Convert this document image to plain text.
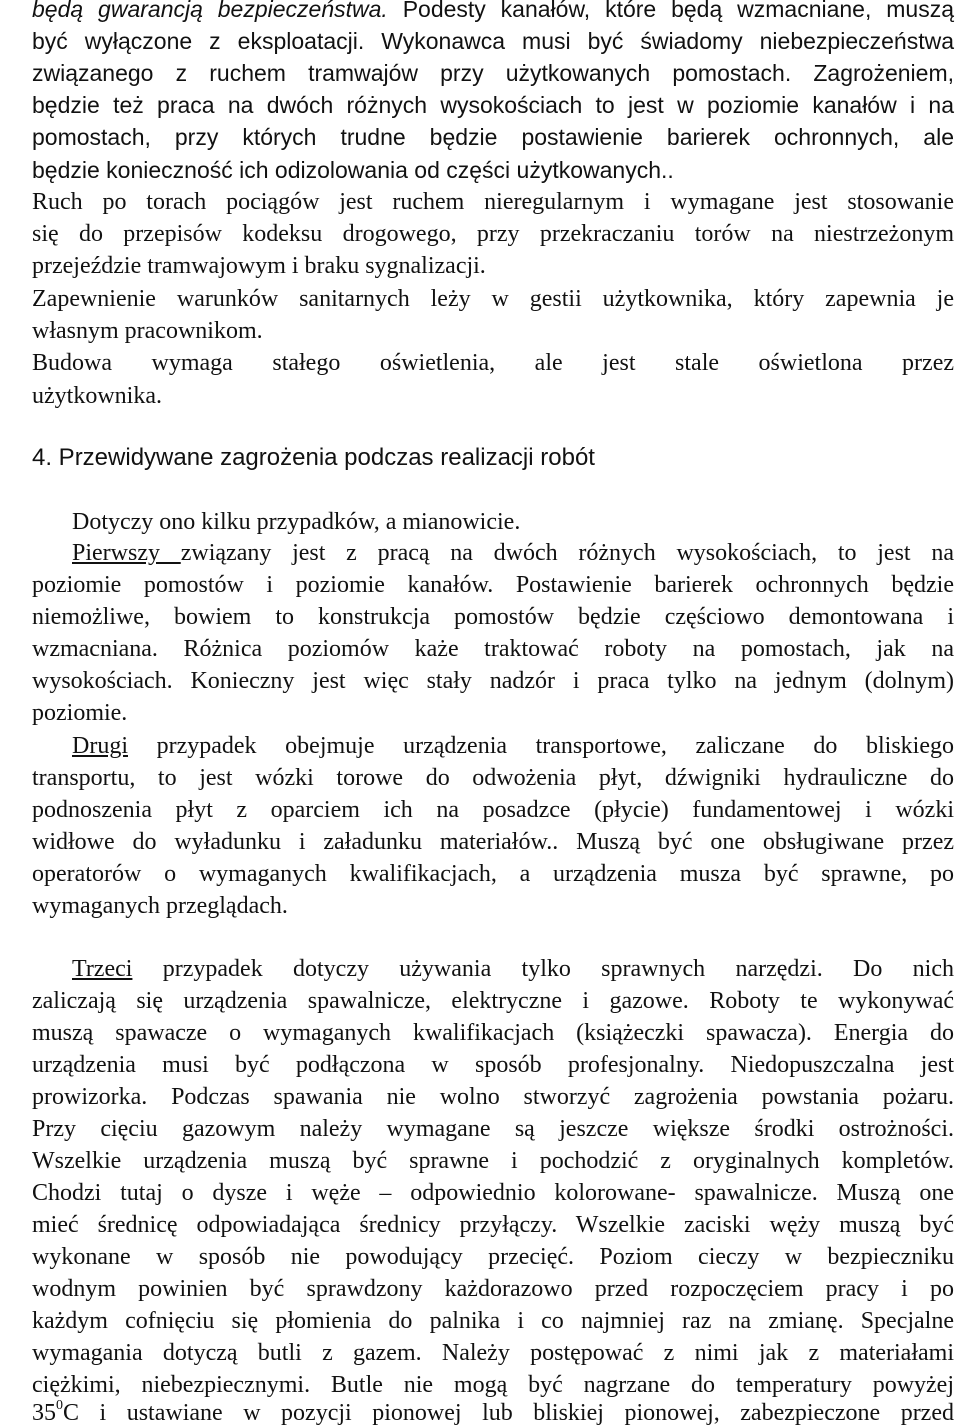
będą gwarancją bezpieczeństwa. Podesty kanałów, które będą wzmacniane, muszą
być wyłączone z eksploatacji. Wykonawca musi być świadomy niebezpieczeństwa
związanego z ruchem tramwajów przy użytkowanych pomostach. Zagrożeniem,
będzie też praca na dwóch różnych wysokościach to jest w poziomie kanałów i na
pomostach, przy których trudne będzie postawienie barierek ochronnych, ale
będzie konieczność ich odizolowania od części użytkowanych..
Ruch po torach pociągów jest ruchem nieregularnym i wymagane jest stosowanie
się do przepisów kodeksu drogowego, przy przekraczaniu torów na niestrzeżonym
przejeździe tramwajowym i braku sygnalizacji.
Zapewnienie warunków sanitarnych leży w gestii użytkownika, który zapewnia je
własnym pracownikom.
Budowa wymaga stałego oświetlenia, ale jest stale oświetlona przez
użytkownika.
4. Przewidywane zagrożenia podczas realizacji robót
Dotyczy ono kilku przypadków, a mianowicie.
Pierwszy związany jest z pracą na dwóch różnych wysokościach, to jest na
poziomie pomostów i poziomie kanałów. Postawienie barierek ochronnych będzie
niemożliwe, bowiem to konstrukcja pomostów będzie częściowo demontowana i
wzmacniana. Różnica poziomów każe traktować roboty na pomostach, jak na
wysokościach. Konieczny jest więc stały nadzór i praca tylko na jednym (dolnym)
poziomie.
Drugi przypadek obejmuje urządzenia transportowe, zaliczane do bliskiego
transportu, to jest wózki torowe do odwożenia płyt, dźwigniki hydrauliczne do
podnoszenia płyt z oparciem ich na posadzce (płycie) fundamentowej i wózki
widłowe do wyładunku i załadunku materiałów.. Muszą być one obsługiwane przez
operatorów o wymaganych kwalifikacjach, a urządzenia musza być sprawne, po
wymaganych przeglądach.
Trzeci przypadek dotyczy używania tylko sprawnych narzędzi. Do nich
zaliczają się urządzenia spawalnicze, elektryczne i gazowe. Roboty te wykonywać
muszą spawacze o wymaganych kwalifikacjach (książeczki spawacza). Energia do
urządzenia musi być podłączona w sposób profesjonalny. Niedopuszczalna jest
prowizorka. Podczas spawania nie wolno stworzyć zagrożenia powstania pożaru.
Przy cięciu gazowym należy wymagane są jeszcze większe środki ostrożności.
Wszelkie urządzenia muszą być sprawne i pochodzić z oryginalnych kompletów.
Chodzi tutaj o dysze i węże – odpowiednio kolorowane- spawalnicze. Muszą one
mieć średnicę odpowiadająca średnicy przyłączy. Wszelkie zaciski węży muszą być
wykonane w sposób nie powodujący przecięć. Poziom cieczy w bezpieczniku
wodnym powinien być sprawdzony każdorazowo przed rozpoczęciem pracy i po
każdym cofnięciu się płomienia do palnika i co najmniej raz na zmianę. Specjalne
wymagania dotyczą butli z gazem. Należy postępować z nimi jak z materiałami
ciężkimi, niebezpiecznymi. Butle nie mogą być nagrzane do temperatury powyżej
$35^0C$ i ustawiane w pozycji pionowej lub bliskiej pionowej, zabezpieczone przed
